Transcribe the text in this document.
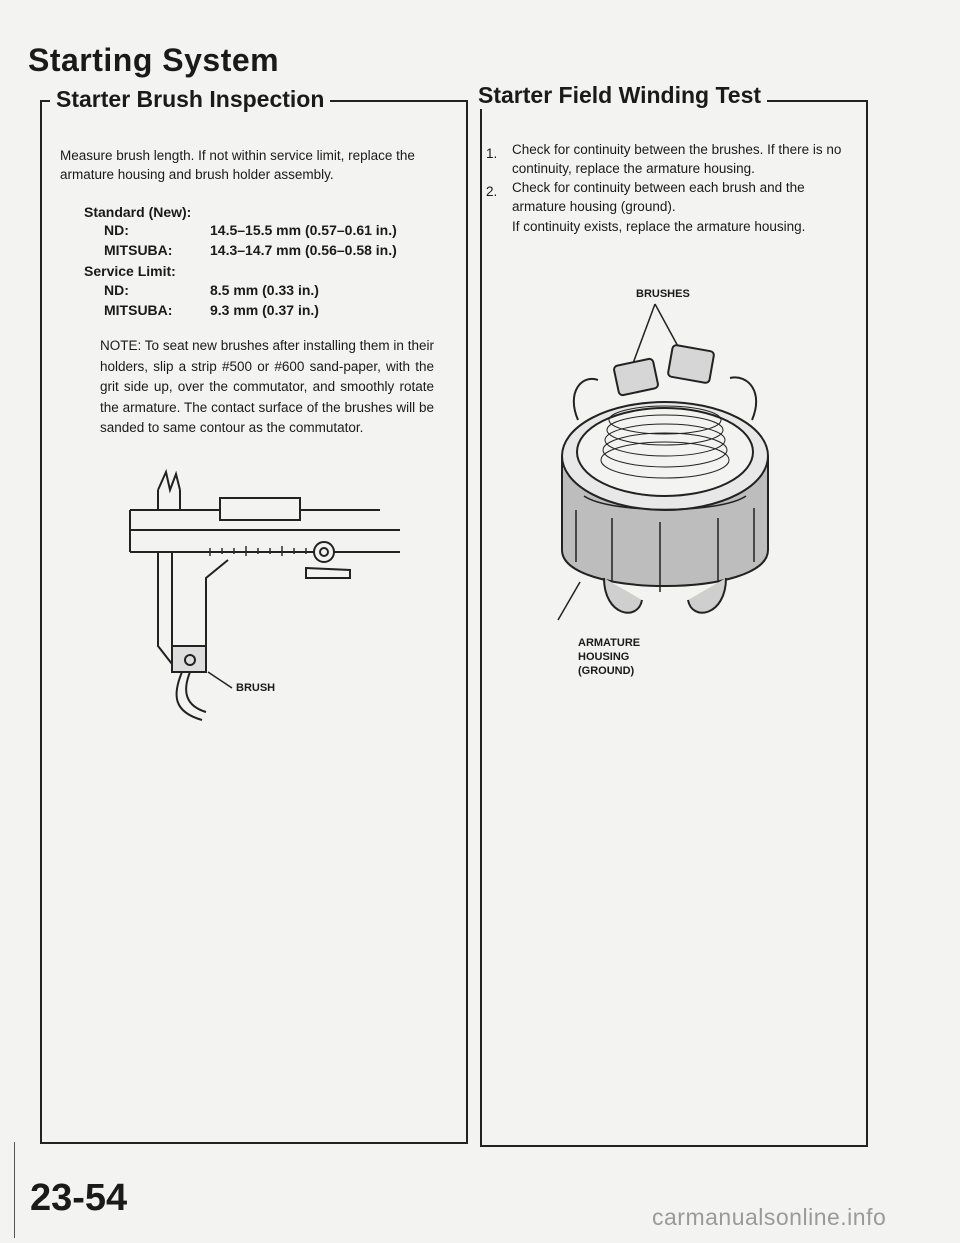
Starting System
Starter Brush Inspection
Measure brush length. If not within service limit, replace the armature housing and brush holder assembly.
Standard (New):
ND:	14.5–15.5 mm (0.57–0.61 in.)
MITSUBA:	14.3–14.7 mm (0.56–0.58 in.)
Service Limit:
ND:	8.5 mm (0.33 in.)
MITSUBA:	9.3 mm (0.37 in.)
NOTE: To seat new brushes after installing them in their holders, slip a strip #500 or #600 sand-paper, with the grit side up, over the commutator, and smoothly rotate the armature. The contact surface of the brushes will be sanded to same contour as the commutator.
BRUSH
Starter Field Winding Test
1. Check for continuity between the brushes. If there is no continuity, replace the armature housing.
2. Check for continuity between each brush and the armature housing (ground).
If continuity exists, replace the armature housing.
BRUSHES
ARMATURE
HOUSING
(GROUND)
23-54	carmanualsonline.info
